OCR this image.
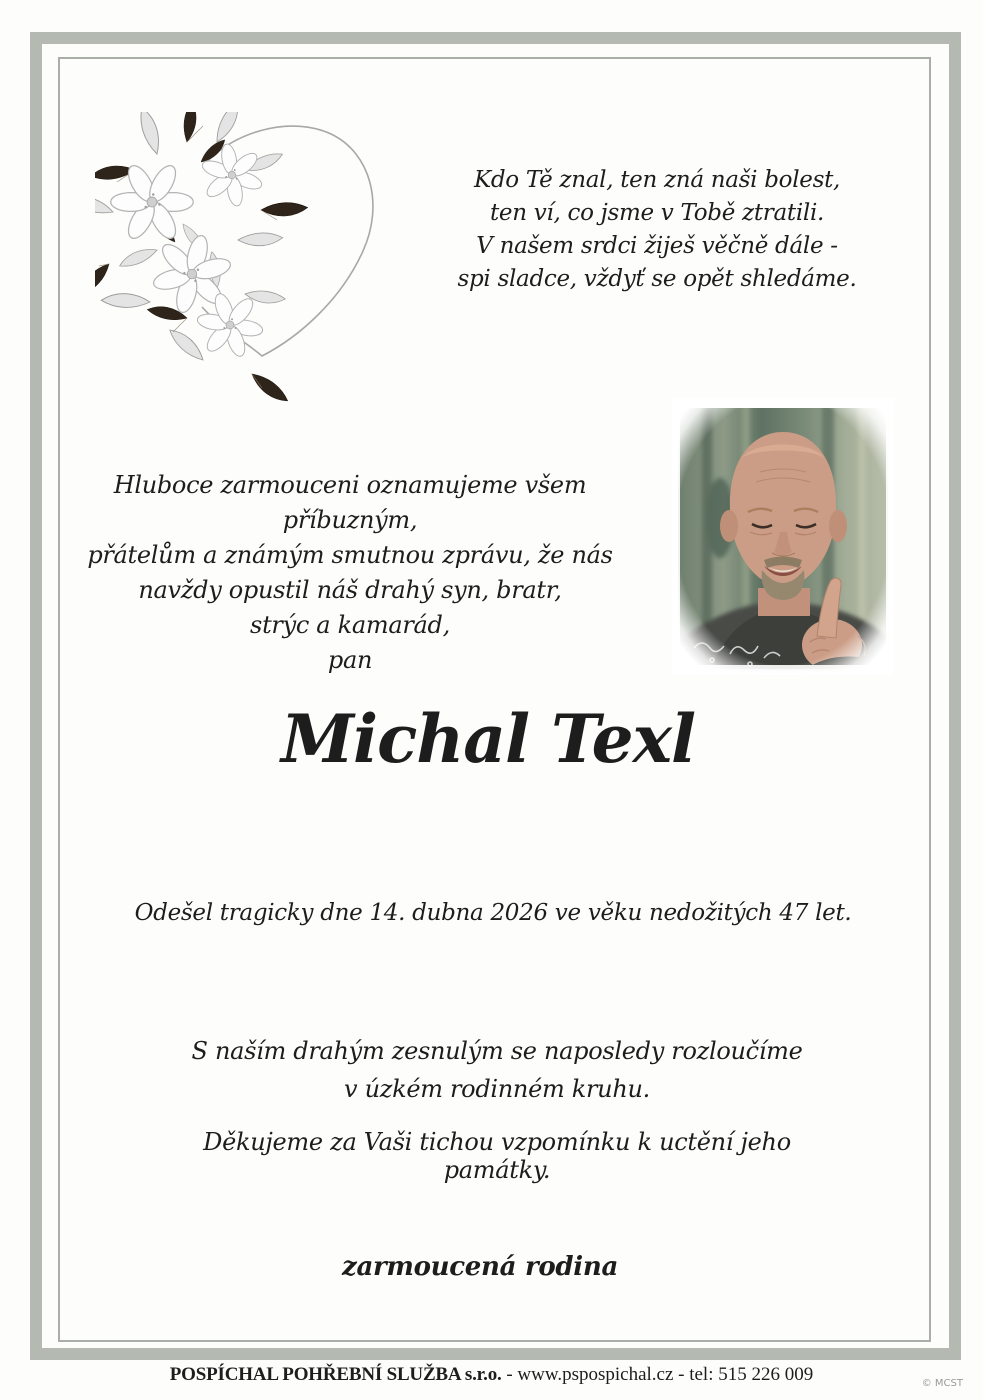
Kdo Tě znal, ten zná naši bolest,
ten ví, co jsme v Tobě ztratili.
V našem srdci žiješ věčně dále -
spi sladce, vždyť se opět shledáme.
Hluboce zarmouceni oznamujeme všem příbuzným,
přátelům a známým smutnou zprávu, že nás
navždy opustil náš drahý syn, bratr,
strýc a kamarád,
pan
Michal Texl
Odešel tragicky dne 14. dubna 2026 ve věku nedožitých 47 let.
S naším drahým zesnulým se naposledy rozloučíme
v úzkém rodinném kruhu.
Děkujeme za Vaši tichou vzpomínku k uctění jeho památky.
zarmoucená rodina
POSPÍCHAL POHŘEBNÍ SLUŽBA s.r.o. - www.pspospichal.cz - tel: 515 226 009	© MCST
